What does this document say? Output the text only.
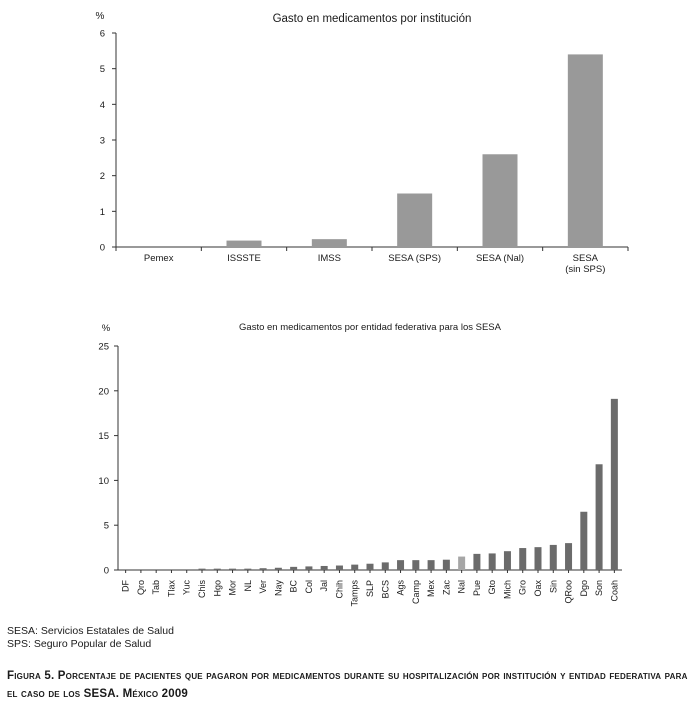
Gasto en medicamentos por institución
%
0
1
2
3
4
5
6
Pemex	ISSSTE	IMSS	SESA (SPS)	SESA (Nal)	SESA
(sin SPS)
Gasto en medicamentos por entidad federativa para los SESA
%
0
5
10
15
20
25
DF Qro Tab Tlax Yuc Chis Hgo Mor NL Ver Nay BC Col Jal Chih Tamps SLP BCS Ags Camp Mex Zac Nal Pue Gto Mich Gro Oax Sin QRoo Dgo Son Coah
SESA: Servicios Estatales de Salud
SPS: Seguro Popular de Salud
Figura 5. Porcentaje de pacientes que pagaron por medicamentos durante su hospitalización por institución y entidad federativa para el caso de los SESA. México 2009
